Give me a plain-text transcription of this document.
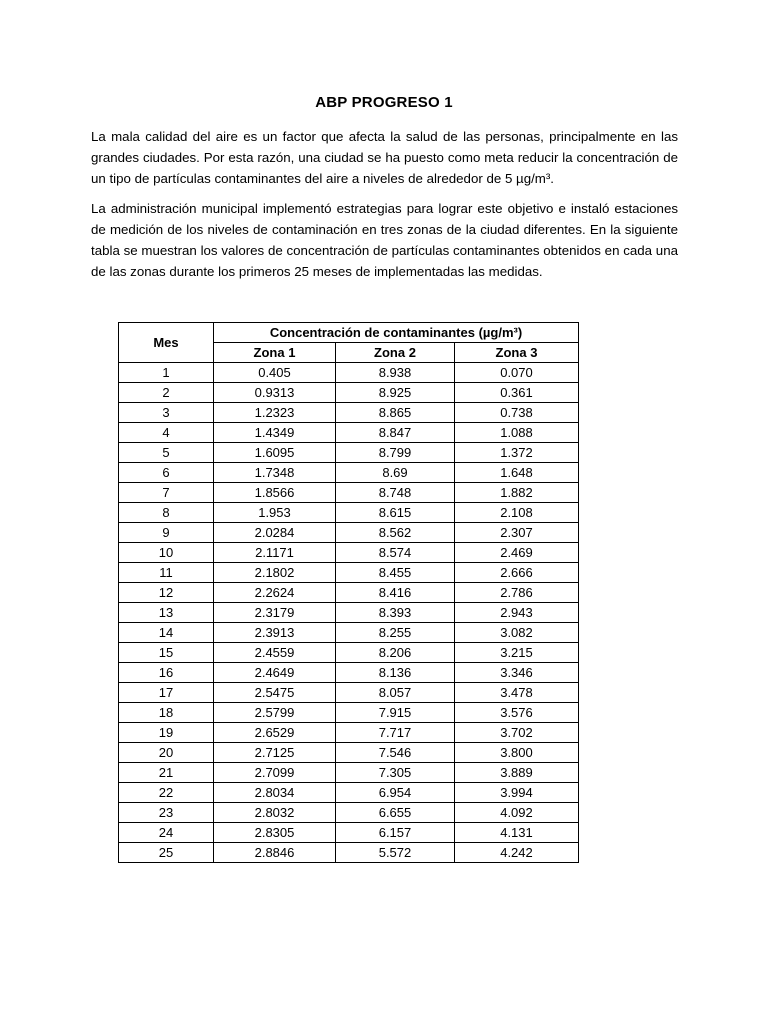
ABP PROGRESO 1
La mala calidad del aire es un factor que afecta la salud de las personas, principalmente en las grandes ciudades. Por esta razón, una ciudad se ha puesto como meta reducir la concentración de un tipo de partículas contaminantes del aire a niveles de alrededor de 5 µg/m³.
La administración municipal implementó estrategias para lograr este objetivo e instaló estaciones de medición de los niveles de contaminación en tres zonas de la ciudad diferentes. En la siguiente tabla se muestran los valores de concentración de partículas contaminantes obtenidos en cada una de las zonas durante los primeros 25 meses de implementadas las medidas.
Mes	Concentración de contaminantes (µg/m³)		
	Zona 1	Zona 2	Zona 3
1	0.405	8.938	0.070
2	0.9313	8.925	0.361
3	1.2323	8.865	0.738
4	1.4349	8.847	1.088
5	1.6095	8.799	1.372
6	1.7348	8.69	1.648
7	1.8566	8.748	1.882
8	1.953	8.615	2.108
9	2.0284	8.562	2.307
10	2.1171	8.574	2.469
11	2.1802	8.455	2.666
12	2.2624	8.416	2.786
13	2.3179	8.393	2.943
14	2.3913	8.255	3.082
15	2.4559	8.206	3.215
16	2.4649	8.136	3.346
17	2.5475	8.057	3.478
18	2.5799	7.915	3.576
19	2.6529	7.717	3.702
20	2.7125	7.546	3.800
21	2.7099	7.305	3.889
22	2.8034	6.954	3.994
23	2.8032	6.655	4.092
24	2.8305	6.157	4.131
25	2.8846	5.572	4.242
